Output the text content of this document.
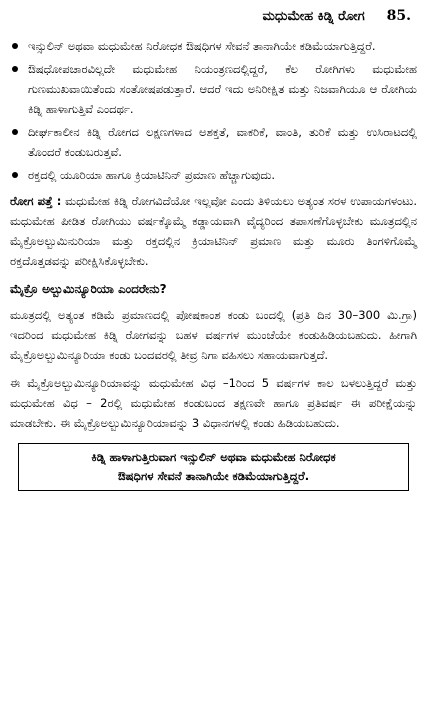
ಮಧುಮೇಹ ಕಿಡ್ನಿ ರೋಗ 85.
ಇನ್ಸುಲಿನ್ ಅಥವಾ ಮಧುಮೇಹ ನಿರೋಧಕ ಔಷಧಿಗಳ ಸೇವನೆ ತಾನಾಗಿಯೇ ಕಡಿಮೆಯಾಗುತ್ತಿದ್ದರೆ.
ಔಷಧೋಪಚಾರವಿಲ್ಲದೇ ಮಧುಮೇಹ ನಿಯಂತ್ರಣದಲ್ಲಿದ್ದರೆ, ಕೆಲ ರೋಗಿಗಳು ಮಧುಮೇಹ ಗುಣಮುಖವಾಯಿತೆಂದು ಸಂತೋಷಪಡುತ್ತಾರೆ. ಆದರೆ ಇದು ಅನಿರೀಕ್ಷಿತ ಮತ್ತು ನಿಜವಾಗಿಯೂ ಆ ರೋಗಿಯ ಕಿಡ್ನಿ ಹಾಳಾಗುತ್ತಿವೆ ಎಂದರ್ಥ.
ದೀರ್ಘಕಾಲೀನ ಕಿಡ್ನಿ ರೋಗದ ಲಕ್ಷಣಗಳಾದ ಅಶಕ್ತತೆ, ವಾಕರಿಕೆ, ವಾಂತಿ, ತುರಿಕೆ ಮತ್ತು ಉಸಿರಾಟದಲ್ಲಿ ತೊಂದರೆ ಕಂಡುಬರುತ್ತವೆ.
ರಕ್ತದಲ್ಲಿ ಯೂರಿಯಾ ಹಾಗೂ ಕ್ರಿಯಾಟಿನಿನ್ ಪ್ರಮಾಣ ಹೆಚ್ಚಾಗುವುದು.

ರೋಗ ಪತ್ತೆ : ಮಧುಮೇಹ ಕಿಡ್ನಿ ರೋಗವಿದೆಯೋ ಇಲ್ಲವೋ ಎಂದು ತಿಳಿಯಲು ಅತ್ಯಂತ ಸರಳ ಉಪಾಯಗಳಂಟು. ಮಧುಮೇಹ ಪೀಡಿತ ರೋಗಿಯು ವರ್ಷಕ್ಕೊಮ್ಮೆ ಕಡ್ಡಾಯವಾಗಿ ವೈದ್ಯರಿಂದ ತಪಾಸಣೆಗೊಳ್ಳಬೇಕು ಮೂತ್ರದಲ್ಲಿನ ಮೈಕ್ರೊಅಲ್ಬುಮಿನುರಿಯಾ ಮತ್ತು ರಕ್ತದಲ್ಲಿನ ಕ್ರಿಯಾಟಿನಿನ್ ಪ್ರಮಾಣ ಮತ್ತು ಮೂರು ತಿಂಗಳಿಗೊಮ್ಮೆ ರಕ್ತದೊತ್ತಡವನ್ನು ಪರೀಕ್ಷಿಸಿಕೊಳ್ಳಬೇಕು.

ಮೈಕ್ರೊ ಅಲ್ಬುಮಿನ್ಯೂರಿಯಾ ಎಂದರೇನು?

ಮೂತ್ರದಲ್ಲಿ ಅತ್ಯಂತ ಕಡಿಮೆ ಪ್ರಮಾಣದಲ್ಲಿ ಪೋಷಕಾಂಶ ಕಂಡು ಬಂದಲ್ಲಿ (ಪ್ರತಿ ದಿನ 30–300 ಮಿ.ಗ್ರಾ) ಇದರಿಂದ ಮಧುಮೇಹ ಕಿಡ್ನಿ ರೋಗವನ್ನು ಬಹಳ ವರ್ಷಗಳ ಮುಂಚೆಯೇ ಕಂಡುಹಿಡಿಯಬಹುದು. ಹೀಗಾಗಿ ಮೈಕ್ರೊಅಲ್ಬುಮಿನ್ಯೂರಿಯಾ ಕಂಡು ಬಂದವರಲ್ಲಿ ತೀವ್ರ ನಿಗಾ ವಹಿಸಲು ಸಹಾಯವಾಗುತ್ತದೆ.

ಈ ಮೈಕ್ರೊಅಲ್ಬುಮಿನ್ಯೂರಿಯಾವನ್ನು ಮಧುಮೇಹ ವಿಧ –1ರಿಂದ 5 ವರ್ಷಗಳ ಕಾಲ ಬಳಲುತ್ತಿದ್ದರೆ ಮತ್ತು ಮಧುಮೇಹ ವಿಧ – 2ರಲ್ಲಿ ಮಧುಮೇಹ ಕಂಡುಬಂದ ತಕ್ಷಣವೇ ಹಾಗೂ ಪ್ರತಿವರ್ಷ ಈ ಪರೀಕ್ಷೆಯನ್ನು ಮಾಡಬೇಕು. ಈ ಮೈಕ್ರೊಅಲ್ಬುಮಿನ್ಯೂರಿಯಾವನ್ನು 3 ವಿಧಾನಗಳಲ್ಲಿ ಕಂಡು ಹಿಡಿಯಬಹುದು.

ಕಿಡ್ನಿ ಹಾಳಾಗುತ್ತಿರುವಾಗ ಇನ್ಸುಲಿನ್ ಅಥವಾ ಮಧುಮೇಹ ನಿರೋಧಕ
ಔಷಧಿಗಳ ಸೇವನೆ ತಾನಾಗಿಯೇ ಕಡಿಮೆಯಾಗುತ್ತಿದ್ದರೆ.
